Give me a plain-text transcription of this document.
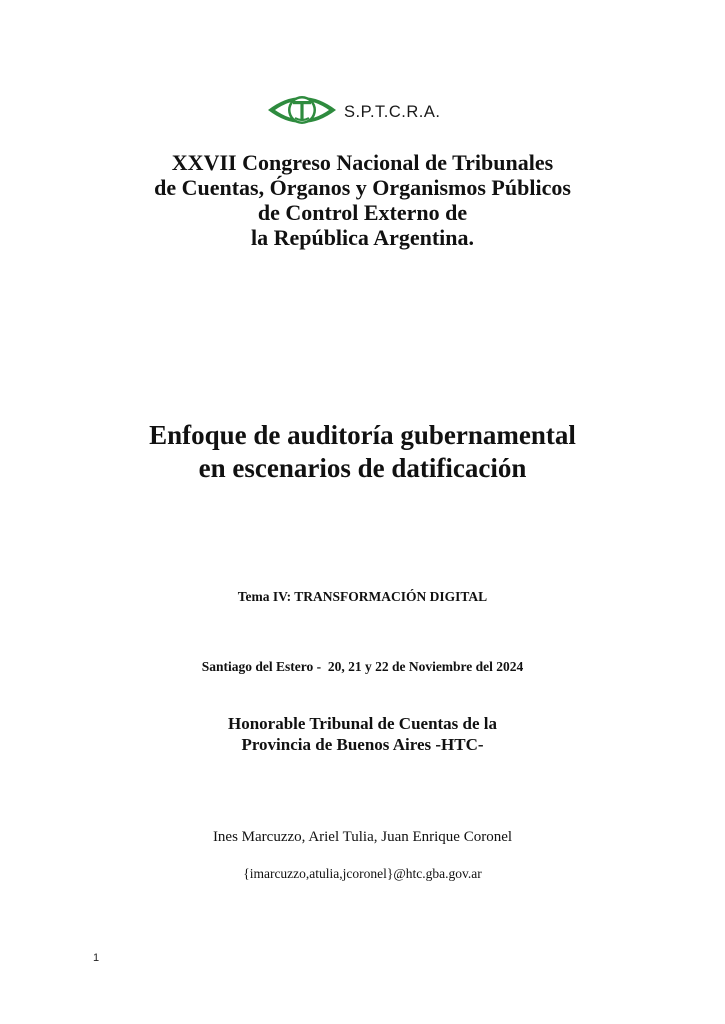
S.P.T.C.R.A.
XXVII Congreso Nacional de Tribunales
de Cuentas, Órganos y Organismos Públicos
de Control Externo de
la República Argentina.
Enfoque de auditoría gubernamental
en escenarios de datificación
Tema IV: TRANSFORMACIÓN DIGITAL
Santiago del Estero -  20, 21 y 22 de Noviembre del 2024
Honorable Tribunal de Cuentas de la
Provincia de Buenos Aires -HTC-
Ines Marcuzzo, Ariel Tulia, Juan Enrique Coronel
{imarcuzzo,atulia,jcoronel}@htc.gba.gov.ar
1
